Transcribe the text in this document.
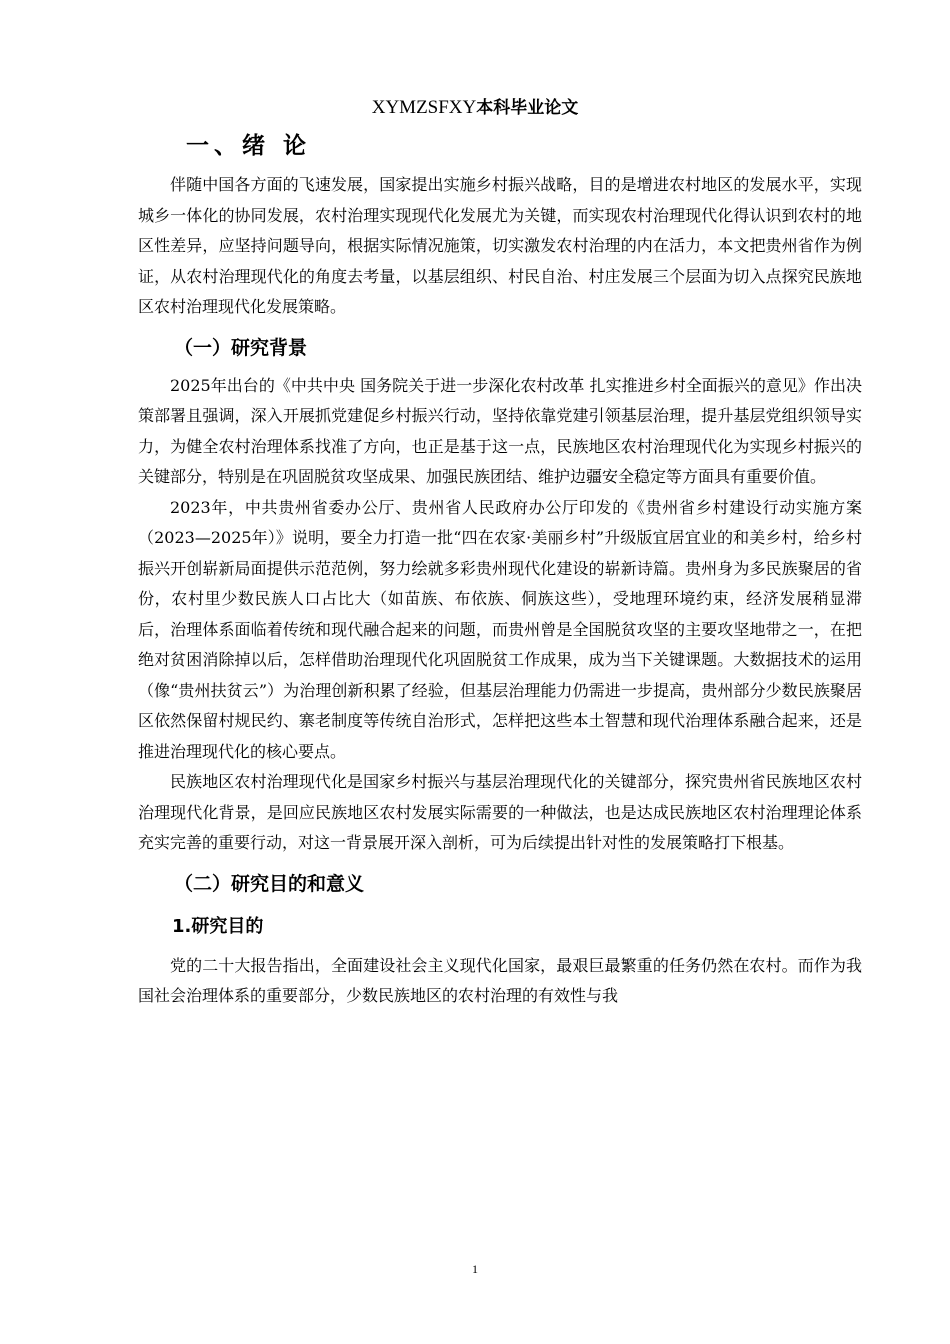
XYMZSFXY本科毕业论文
一、绪 论

伴随中国各方面的飞速发展，国家提出实施乡村振兴战略，目的是增进农村地区的发展水平，实现城乡一体化的协同发展，农村治理实现现代化发展尤为关键，而实现农村治理现代化得认识到农村的地区性差异，应坚持问题导向，根据实际情况施策，切实激发农村治理的内在活力，本文把贵州省作为例证，从农村治理现代化的角度去考量，以基层组织、村民自治、村庄发展三个层面为切入点探究民族地区农村治理现代化发展策略。

（一）研究背景

2025年出台的《中共中央 国务院关于进一步深化农村改革 扎实推进乡村全面振兴的意见》作出决策部署且强调，深入开展抓党建促乡村振兴行动，坚持依靠党建引领基层治理，提升基层党组织领导实力，为健全农村治理体系找准了方向，也正是基于这一点，民族地区农村治理现代化为实现乡村振兴的关键部分，特别是在巩固脱贫攻坚成果、加强民族团结、维护边疆安全稳定等方面具有重要价值。

2023年，中共贵州省委办公厅、贵州省人民政府办公厅印发的《贵州省乡村建设行动实施方案（2023—2025年）》说明，要全力打造一批“四在农家·美丽乡村”升级版宜居宜业的和美乡村，给乡村振兴开创崭新局面提供示范范例，努力绘就多彩贵州现代化建设的崭新诗篇。贵州身为多民族聚居的省份，农村里少数民族人口占比大（如苗族、布依族、侗族这些），受地理环境约束，经济发展稍显滞后，治理体系面临着传统和现代融合起来的问题，而贵州曾是全国脱贫攻坚的主要攻坚地带之一，在把绝对贫困消除掉以后，怎样借助治理现代化巩固脱贫工作成果，成为当下关键课题。大数据技术的运用（像“贵州扶贫云”）为治理创新积累了经验，但基层治理能力仍需进一步提高，贵州部分少数民族聚居区依然保留村规民约、寨老制度等传统自治形式，怎样把这些本土智慧和现代治理体系融合起来，还是推进治理现代化的核心要点。

民族地区农村治理现代化是国家乡村振兴与基层治理现代化的关键部分，探究贵州省民族地区农村治理现代化背景，是回应民族地区农村发展实际需要的一种做法，也是达成民族地区农村治理理论体系充实完善的重要行动，对这一背景展开深入剖析，可为后续提出针对性的发展策略打下根基。

（二）研究目的和意义
1.研究目的

党的二十大报告指出，全面建设社会主义现代化国家，最艰巨最繁重的任务仍然在农村。而作为我国社会治理体系的重要部分，少数民族地区的农村治理的有效性与我

1
